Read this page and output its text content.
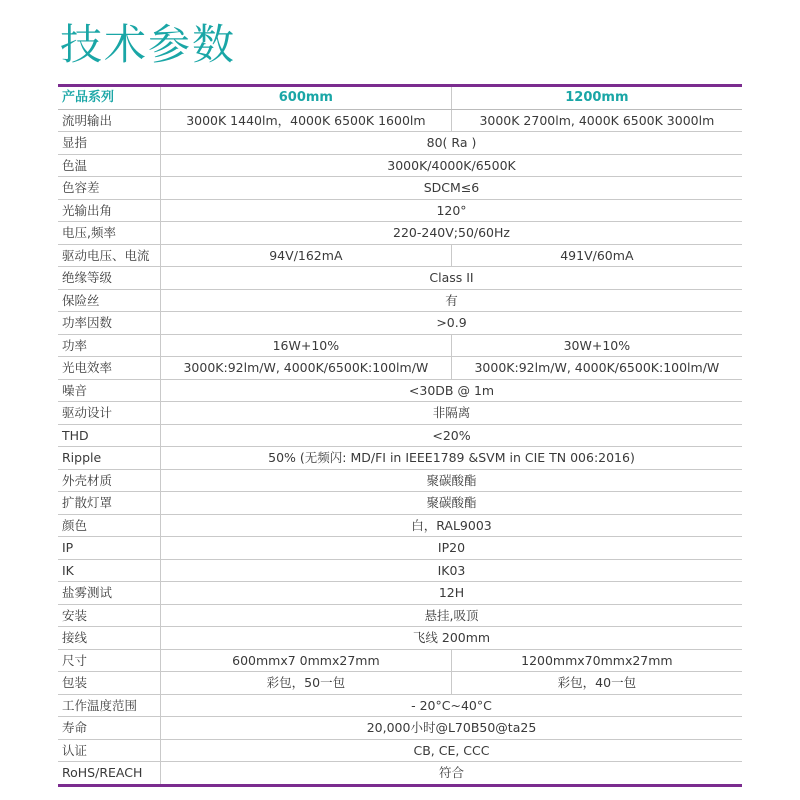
技术参数
产品系列	600mm	1200mm
流明输出	3000K 1440lm，4000K 6500K 1600lm	3000K 2700lm, 4000K 6500K 3000lm
显指	80( Ra )	
色温	3000K/4000K/6500K	
色容差	SDCM≤6	
光输出角	120°	
电压,频率	220-240V;50/60Hz	
驱动电压、电流	94V/162mA	491V/60mA
绝缘等级	Class II	
保险丝	有	
功率因数	>0.9	
功率	16W+10%	30W+10%
光电效率	3000K:92lm/W, 4000K/6500K:100lm/W	3000K:92lm/W, 4000K/6500K:100lm/W
噪音	<30DB @ 1m	
驱动设计	非隔离	
THD	<20%	
Ripple	50% (无频闪: MD/FI in IEEE1789 &SVM in CIE TN 006:2016)	
外壳材质	聚碳酸酯	
扩散灯罩	聚碳酸酯	
颜色	白，RAL9003	
IP	IP20	
IK	IK03	
盐雾测试	12H	
安装	悬挂,吸顶	
接线	飞线 200mm	
尺寸	600mmx7 0mmx27mm	1200mmx70mmx27mm
包装	彩包，50一包	彩包，40一包
工作温度范围	- 20°C~40°C	
寿命	20,000小时@L70B50@ta25	
认证	CB, CE, CCC	
RoHS/REACH	符合	
